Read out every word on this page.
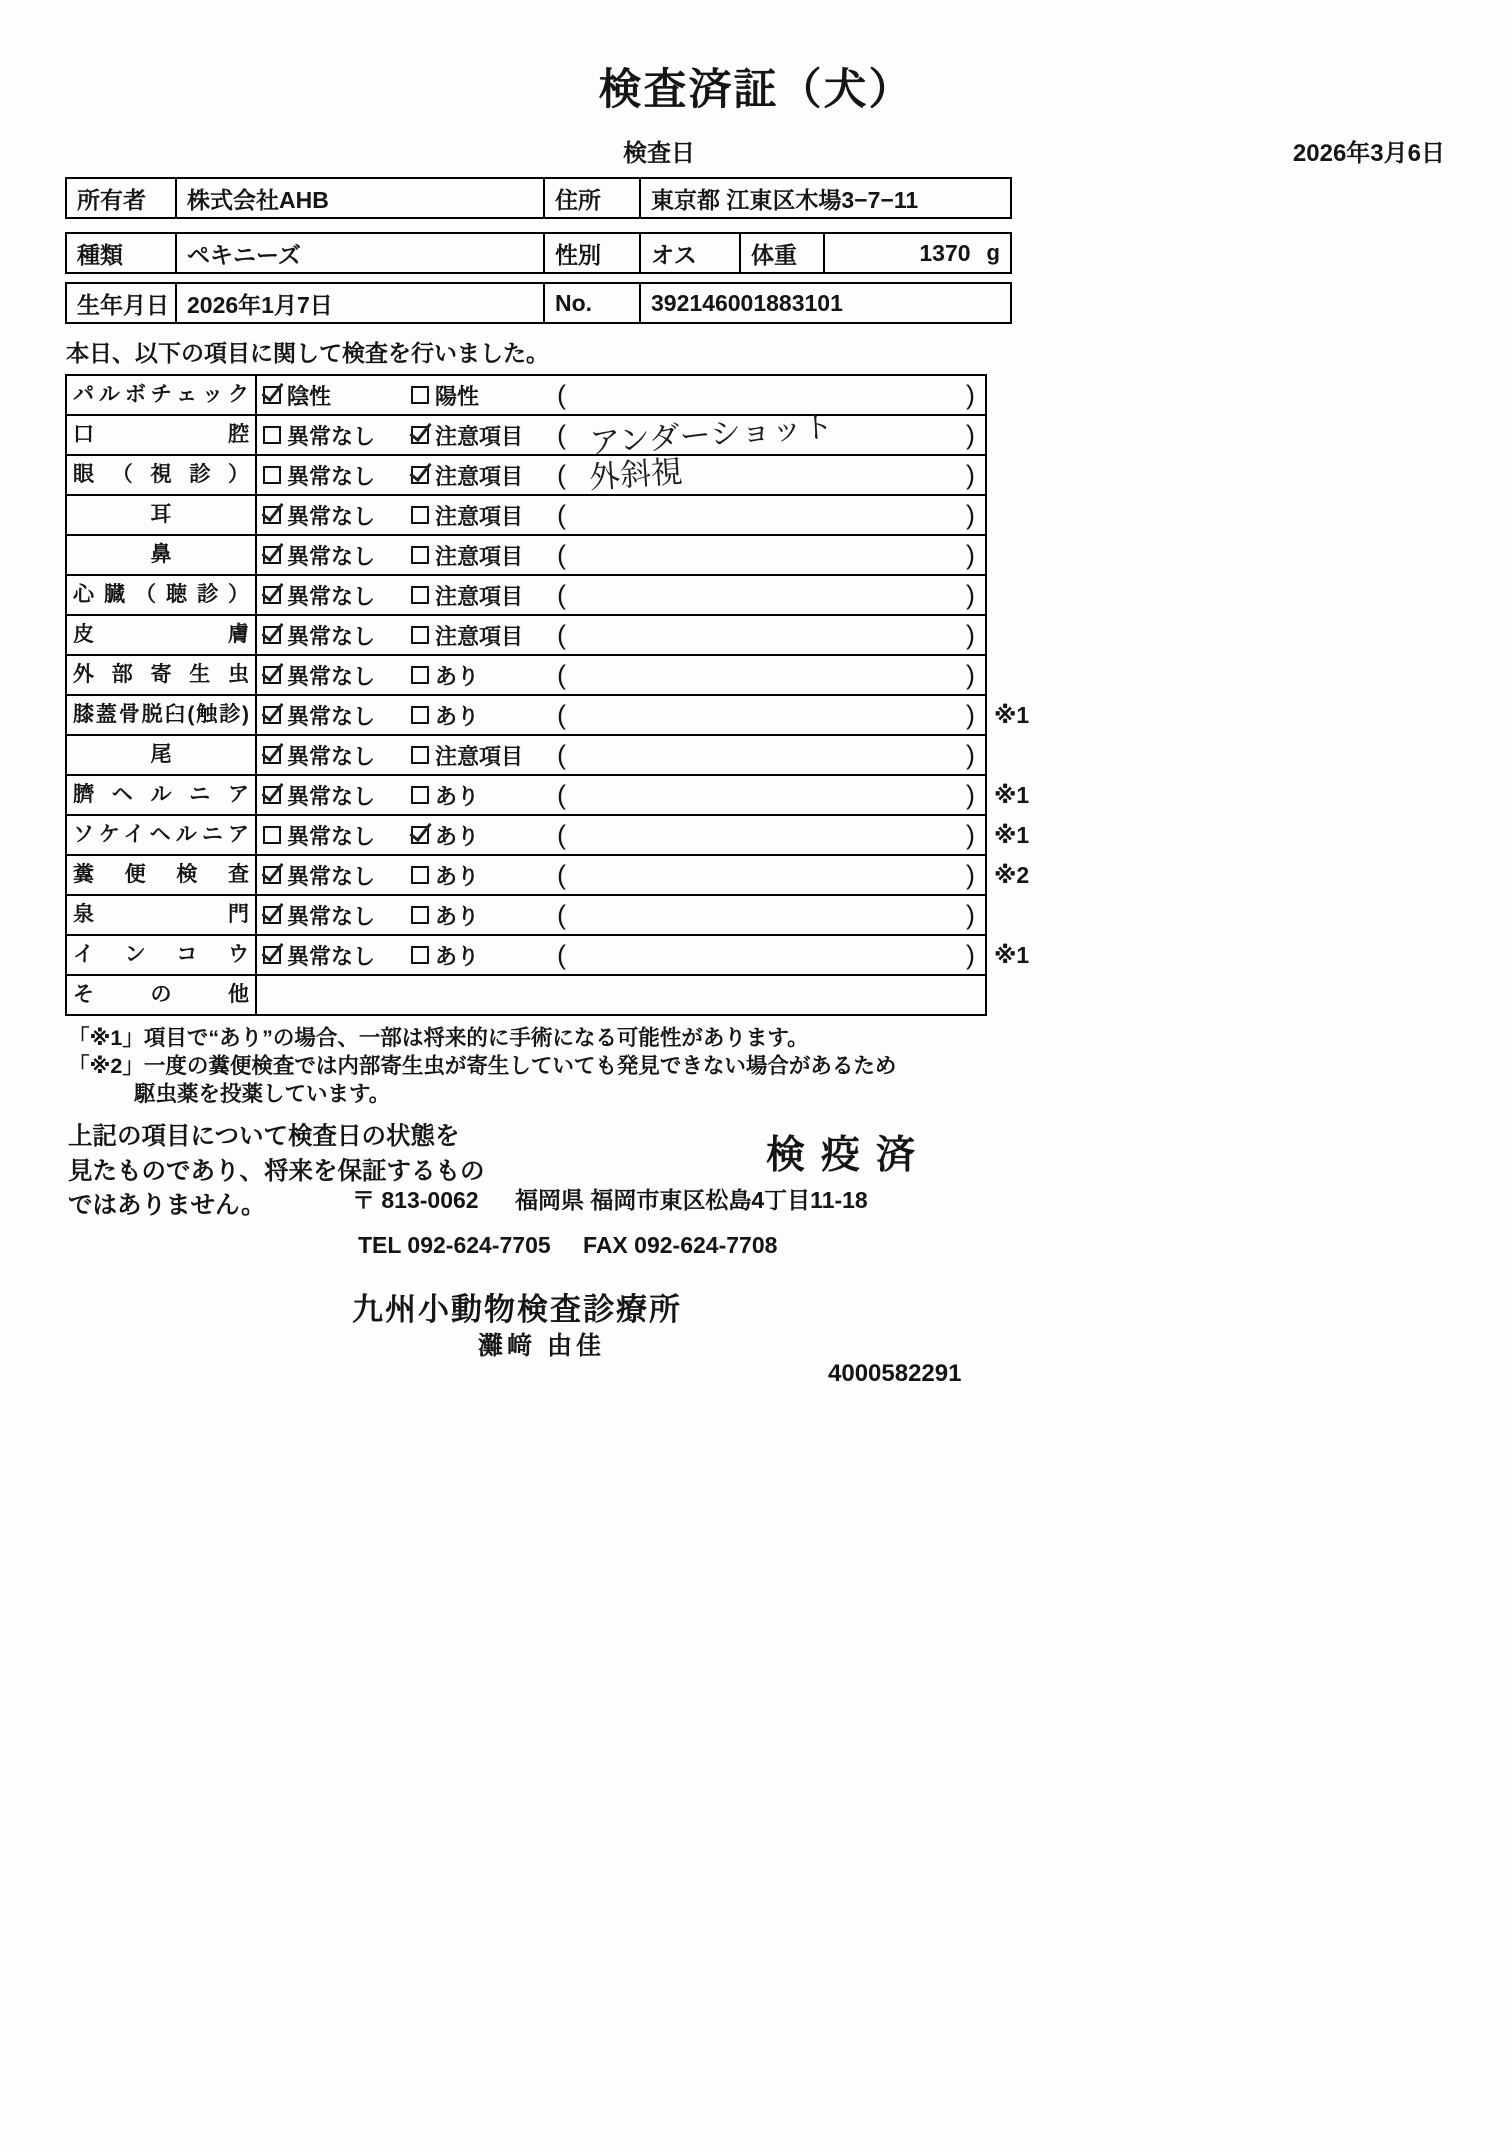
検査済証（犬）
検査日	2026年3月6日
所有者	株式会社AHB	住所	東京都 江東区木場3−7−11
種類	ペキニーズ	性別	オス	体重	1370 g
生年月日 2026年1月7日	No.	392146001883101
本日、以下の項目に関して検査を行いました。
パルボチェック	陰性	陽性	(	)
口腔	異常なし	注意項目 ( アンダーショット	)
眼（視診）	異常なし	注意項目 ( 外斜視	)
耳	異常なし	注意項目 (	)
鼻	異常なし	注意項目 (	)
心臓（聴診）	異常なし	注意項目 (	)
皮膚	異常なし	注意項目 (	)
外部寄生虫	異常なし	あり	(	)
膝蓋骨脱臼(触診)	異常なし	あり	(	) ※1
尾	異常なし	注意項目 (	)
臍ヘルニア	異常なし	あり	(	) ※1
ソケイヘルニア	異常なし	あり	(	) ※1
糞便検査	異常なし	あり	(	) ※2
泉門	異常なし	あり	(	)
インコウ	異常なし	あり	(	) ※1
その他
「※1」項目で“あり”の場合、一部は将来的に手術になる可能性があります。
「※2」一度の糞便検査では内部寄生虫が寄生していても発見できない場合があるため
駆虫薬を投薬しています。
上記の項目について検査日の状態を
見たものであり、将来を保証するもの
ではありません。
検疫済
〒 813-0062 福岡県 福岡市東区松島4丁目11-18
TEL 092-624-7705 FAX 092-624-7708
九州小動物検査診療所
灘﨑 由佳
4000582291
